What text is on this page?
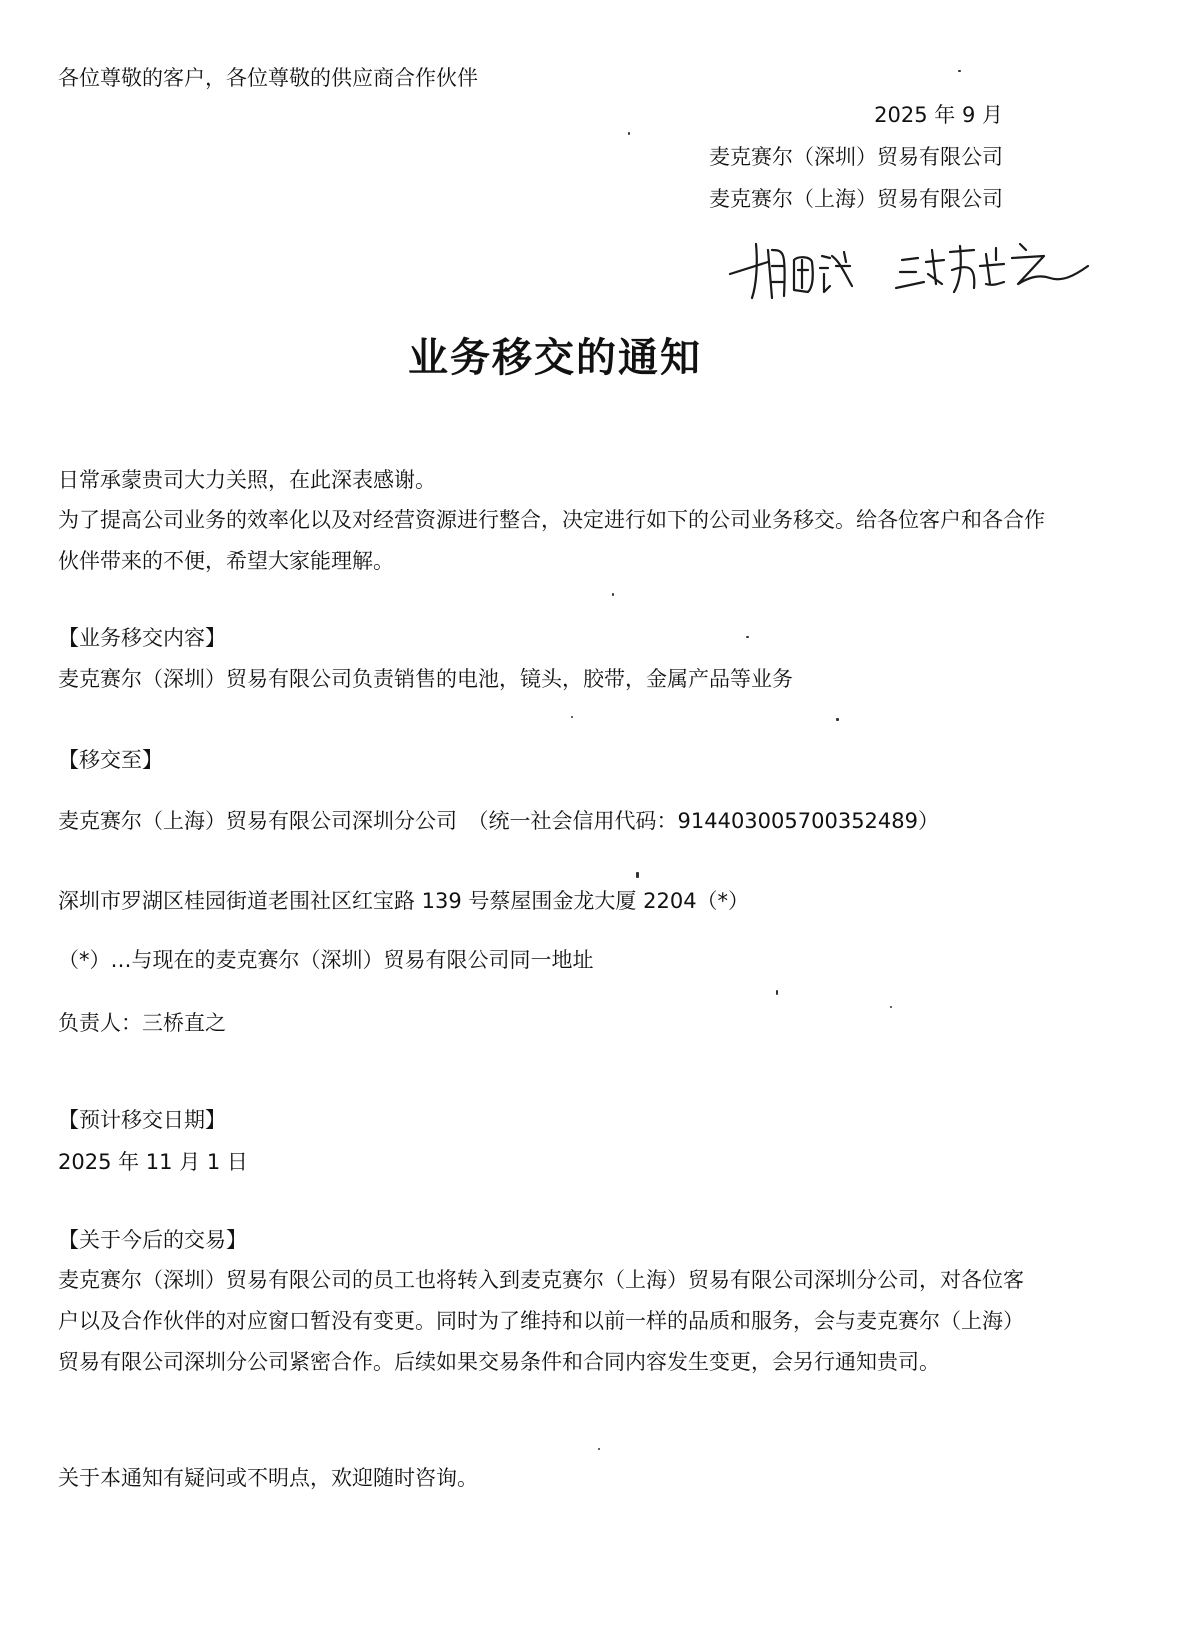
各位尊敬的客户，各位尊敬的供应商合作伙伴

2025 年 9 月

麦克赛尔（深圳）贸易有限公司

麦克赛尔（上海）贸易有限公司

业务移交的通知

日常承蒙贵司大力关照，在此深表感谢。

为了提高公司业务的效率化以及对经营资源进行整合，决定进行如下的公司业务移交。给各位客户和各合作伙伴带来的不便，希望大家能理解。

【业务移交内容】

麦克赛尔（深圳）贸易有限公司负责销售的电池，镜头，胶带，金属产品等业务

【移交至】

麦克赛尔（上海）贸易有限公司深圳分公司　（统一社会信用代码：91440300570035248​9）

深圳市罗湖区桂园街道老围社区红宝路 139 号蔡屋围金龙大厦 2204（*）

（*）…与现在的麦克赛尔（深圳）贸易有限公司同一地址

负责人：三桥直之

【预计移交日期】

2025 年 11 月 1 日

【关于今后的交易】

麦克赛尔（深圳）贸易有限公司的员工也将转入到麦克赛尔（上海）贸易有限公司深圳分公司，对各位客户以及合作伙伴的对应窗口暂没有变更。同时为了维持和以前一样的品质和服务，会与麦克赛尔（上海）贸易有限公司深圳分公司紧密合作。后续如果交易条件和合同内容发生变更，会另行通知贵司。

关于本通知有疑问或不明点，欢迎随时咨询。
